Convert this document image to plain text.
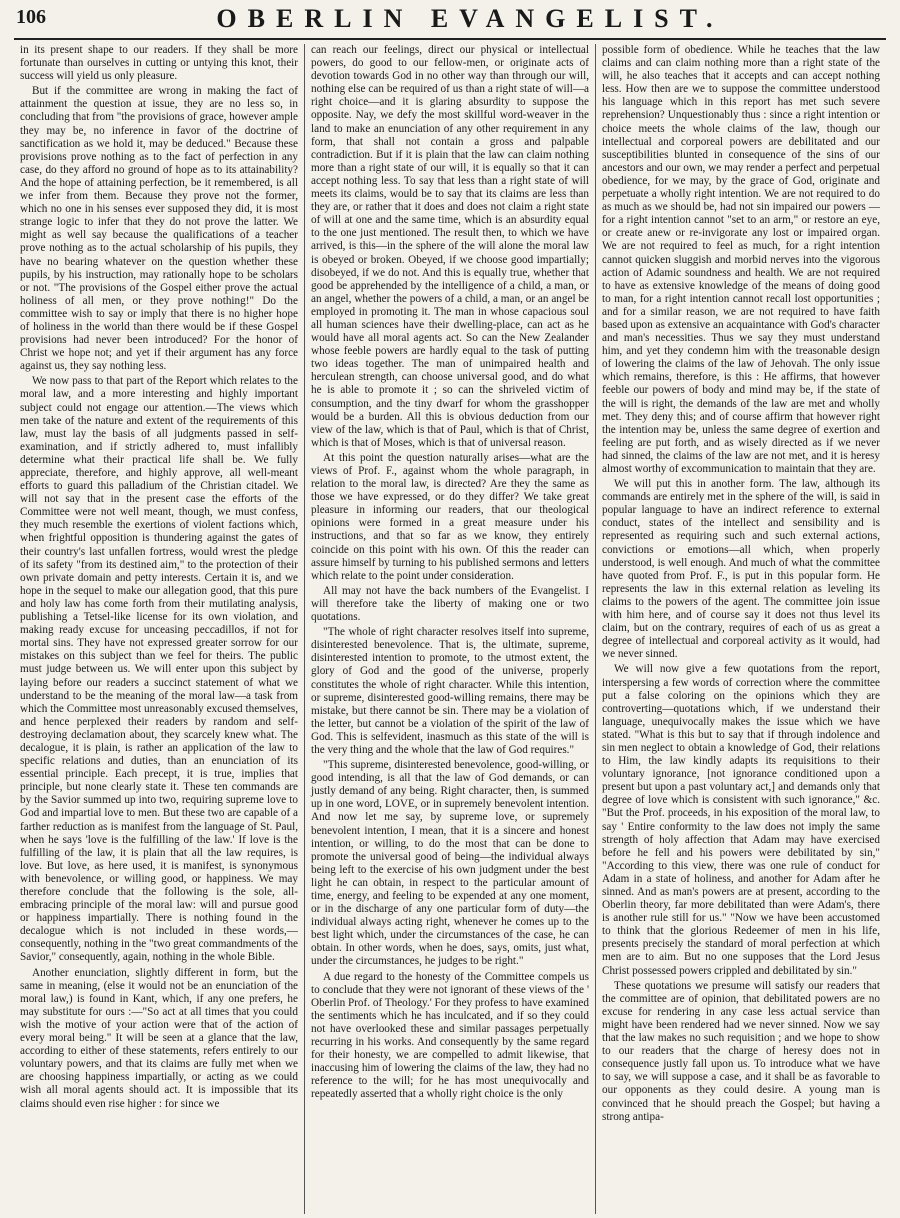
106	OBERLIN EVANGELIST.

in its present shape to our readers. If they shall be more fortunate than ourselves in cutting or untying this knot, their success will yield us only pleasure.

But if the committee are wrong in making the fact of attainment the question at issue, they are no less so, in concluding that from "the provisions of grace, however ample they may be, no inference in favor of the doctrine of sanctification as we hold it, may be deduced." Because these provisions prove nothing as to the fact of perfection in any case, do they afford no ground of hope as to its attainability? And the hope of attaining perfection, be it remembered, is all we infer from them. Because they prove not the former, which no one in his senses ever supposed they did, it is most strange logic to infer that they do not prove the latter. We might as well say because the qualifications of a teacher prove nothing as to the actual scholarship of his pupils, they have no bearing whatever on the question whether these pupils, by his instruction, may rationally hope to be scholars or not. "The provisions of the Gospel either prove the actual holiness of all men, or they prove nothing!" Do the committee wish to say or imply that there is no higher hope of holiness in the world than there would be if these Gospel provisions had never been introduced? For the honor of Christ we hope not; and yet if their argument has any force against us, they say nothing less.

We now pass to that part of the Report which relates to the moral law, and a more interesting and highly important subject could not engage our attention.—The views which men take of the nature and extent of the requirements of this law, must lay the basis of all judgments passed in self-examination, and if strictly adhered to, must infallibly determine what their practical life shall be. We fully appreciate, therefore, and highly approve, all well-meant efforts to guard this palladium of the Christian citadel. We will not say that in the present case the efforts of the Committee were not well meant, though, we must confess, they much resemble the exertions of violent factions which, when frightful opposition is thundering against the gates of their country's last unfallen fortress, would wrest the pledge of its safety "from its destined aim," to the protection of their own private domain and petty interests. Certain it is, and we hope in the sequel to make our allegation good, that this pure and holy law has come forth from their mutilating analysis, publishing a Tetsel-like license for its own violation, and making ready excuse for unceasing peccadillos, if not for mortal sins. They have not expressed greater sorrow for our mistakes on this subject than we feel for theirs. The public must judge between us. We will enter upon this subject by laying before our readers a succinct statement of what we understand to be the meaning of the moral law—a task from which the Committee most unreasonably excused themselves, and hence perplexed their readers by random and self-destroying declamation about, they scarcely knew what. The decalogue, it is plain, is rather an application of the law to specific relations and duties, than an enunciation of its essential principle. Each precept, it is true, implies that principle, but none clearly state it. These ten commands are by the Savior summed up into two, requiring supreme love to God and impartial love to men. But these two are capable of a farther reduction as is manifest from the language of St. Paul, when he says 'love is the fulfilling of the law.' If love is the fulfilling of the law, it is plain that all the law requires, is love. But love, as here used, it is manifest, is synonymous with benevolence, or willing good, or happiness. We may therefore conclude that the following is the sole, all-embracing principle of the moral law: will and pursue good or happiness impartially. There is nothing found in the decalogue which is not included in these words,—consequently, nothing in the "two great commandments of the Savior," consequently, again, nothing in the whole Bible.

Another enunciation, slightly different in form, but the same in meaning, (else it would not be an enunciation of the moral law,) is found in Kant, which, if any one prefers, he may substitute for ours :—"So act at all times that you could wish the motive of your action were that of the action of every moral being." It will be seen at a glance that the law, according to either of these statements, refers entirely to our voluntary powers, and that its claims are fully met when we are choosing happiness impartially, or acting as we could wish all moral agents should act. It is impossible that its claims should even rise higher : for since we

can reach our feelings, direct our physical or intellectual powers, do good to our fellow-men, or originate acts of devotion towards God in no other way than through our will, nothing else can be required of us than a right state of will—a right choice—and it is glaring absurdity to suppose the opposite. Nay, we defy the most skillful word-weaver in the land to make an enunciation of any other requirement in any form, that shall not contain a gross and palpable contradiction. But if it is plain that the law can claim nothing more than a right state of our will, it is equally so that it can accept nothing less. To say that less than a right state of will meets its claims, would be to say that its claims are less than they are, or rather that it does and does not claim a right state of will at one and the same time, which is an absurdity equal to the one just mentioned. The result then, to which we have arrived, is this—in the sphere of the will alone the moral law is obeyed or broken. Obeyed, if we choose good impartially; disobeyed, if we do not. And this is equally true, whether that good be apprehended by the intelligence of a child, a man, or an angel, whether the powers of a child, a man, or an angel be employed in promoting it. The man in whose capacious soul all human sciences have their dwelling-place, can act as he would have all moral agents act. So can the New Zealander whose feeble powers are hardly equal to the task of putting two ideas together. The man of unimpaired health and herculean strength, can choose universal good, and do what he is able to promote it ; so can the shriveled victim of consumption, and the tiny dwarf for whom the grasshopper would be a burden. All this is obvious deduction from our view of the law, which is that of Paul, which is that of Christ, which is that of Moses, which is that of universal reason.

At this point the question naturally arises—what are the views of Prof. F., against whom the whole paragraph, in relation to the moral law, is directed? Are they the same as those we have expressed, or do they differ? We take great pleasure in informing our readers, that our theological opinions were formed in a great measure under his instructions, and that so far as we know, they entirely coincide on this point with his own. Of this the reader can assure himself by turning to his published sermons and letters which relate to the point under consideration.

All may not have the back numbers of the Evangelist. I will therefore take the liberty of making one or two quotations.

"The whole of right character resolves itself into supreme, disinterested benevolence. That is, the ultimate, supreme, disinterested intention to promote, to the utmost extent, the glory of God and the good of the universe, properly constitutes the whole of right character. While this intention, or supreme, disinterested good-willing remains, there may be mistake, but there cannot be sin. There may be a violation of the letter, but cannot be a violation of the spirit of the law of God. This is selfevident, inasmuch as this state of the will is the very thing and the whole that the law of God requires."

"This supreme, disinterested benevolence, good-willing, or good intending, is all that the law of God demands, or can justly demand of any being. Right character, then, is summed up in one word, LOVE, or in supremely benevolent intention. And now let me say, by supreme love, or supremely benevolent intention, I mean, that it is a sincere and honest intention, or willing, to do the most that can be done to promote the universal good of being—the individual always being left to the exercise of his own judgment under the best light he can obtain, in respect to the particular amount of time, energy, and feeling to be expended at any one moment, or in the discharge of any one particular form of duty—the individual always acting right, whenever he comes up to the best light which, under the circumstances of the case, he can obtain. In other words, when he does, says, omits, just what, under the circumstances, he judges to be right."

A due regard to the honesty of the Committee compels us to conclude that they were not ignorant of these views of the ' Oberlin Prof. of Theology.' For they profess to have examined the sentiments which he has inculcated, and if so they could not have overlooked these and similar passages perpetually recurring in his works. And consequently by the same regard for their honesty, we are compelled to admit likewise, that inaccusing him of lowering the claims of the law, they had no reference to the will; for he has most unequivocally and repeatedly asserted that a wholly right choice is the only

possible form of obedience. While he teaches that the law claims and can claim nothing more than a right state of the will, he also teaches that it accepts and can accept nothing less. How then are we to suppose the committee understood his language which in this report has met such severe reprehension? Unquestionably thus : since a right intention or choice meets the whole claims of the law, though our intellectual and corporeal powers are debilitated and our susceptibilities blunted in consequence of the sins of our ancestors and our own, we may render a perfect and perpetual obedience, for we may, by the grace of God, originate and perpetuate a wholly right intention. We are not required to do as much as we should be, had not sin impaired our powers —for a right intention cannot "set to an arm," or restore an eye, or create anew or re-invigorate any lost or impaired organ. We are not required to feel as much, for a right intention cannot quicken sluggish and morbid nerves into the vigorous action of Adamic soundness and health. We are not required to have as extensive knowledge of the means of doing good to man, for a right intention cannot recall lost opportunities ; and for a similar reason, we are not required to have faith based upon as extensive an acquaintance with God's character and man's necessities. Thus we say they must understand him, and yet they condemn him with the treasonable design of lowering the claims of the law of Jehovah. The only issue which remains, therefore, is this : He affirms, that however feeble our powers of body and mind may be, if the state of the will is right, the demands of the law are met and wholly met. They deny this; and of course affirm that however right the intention may be, unless the same degree of exertion and feeling are put forth, and as wisely directed as if we never had sinned, the claims of the law are not met, and it is heresy almost worthy of excommunication to maintain that they are.

We will put this in another form. The law, although its commands are entirely met in the sphere of the will, is said in popular language to have an indirect reference to external conduct, states of the intellect and sensibility and is represented as requiring such and such external actions, convictions or emotions—all which, when properly understood, is well enough. And much of what the committee have quoted from Prof. F., is put in this popular form. He represents the law in this external relation as leveling its claims to the powers of the agent. The committee join issue with him here, and of course say it does not thus level its claim, but on the contrary, requires of each of us as great a degree of intellectual and corporeal activity as it would, had we never sinned.

We will now give a few quotations from the report, interspersing a few words of correction where the committee put a false coloring on the opinions which they are controverting—quotations which, if we understand their language, unequivocally makes the issue which we have stated. "What is this but to say that if through indolence and sin men neglect to obtain a knowledge of God, their relations to Him, the law kindly adapts its requisitions to their voluntary ignorance, [not ignorance conditioned upon a present but upon a past voluntary act,] and demands only that degree of love which is consistent with such ignorance," &c. "But the Prof. proceeds, in his exposition of the moral law, to say ' Entire conformity to the law does not imply the same strength of holy affection that Adam may have exercised before he fell and his powers were debilitated by sin," "According to this view, there was one rule of conduct for Adam in a state of holiness, and another for Adam after he sinned. And as man's powers are at present, according to the Oberlin theory, far more debilitated than were Adam's, there is another rule still for us." "Now we have been accustomed to think that the glorious Redeemer of men in his life, presents precisely the standard of moral perfection at which men are to aim. But no one supposes that the Lord Jesus Christ possessed powers crippled and debilitated by sin."

These quotations we presume will satisfy our readers that the committee are of opinion, that debilitated powers are no excuse for rendering in any case less actual service than might have been rendered had we never sinned. Now we say that the law makes no such requisition ; and we hope to show to our readers that the charge of heresy does not in consequence justly fall upon us. To introduce what we have to say, we will suppose a case, and it shall be as favorable to our opponents as they could desire. A young man is convinced that he should preach the Gospel; but having a strong antipa-
